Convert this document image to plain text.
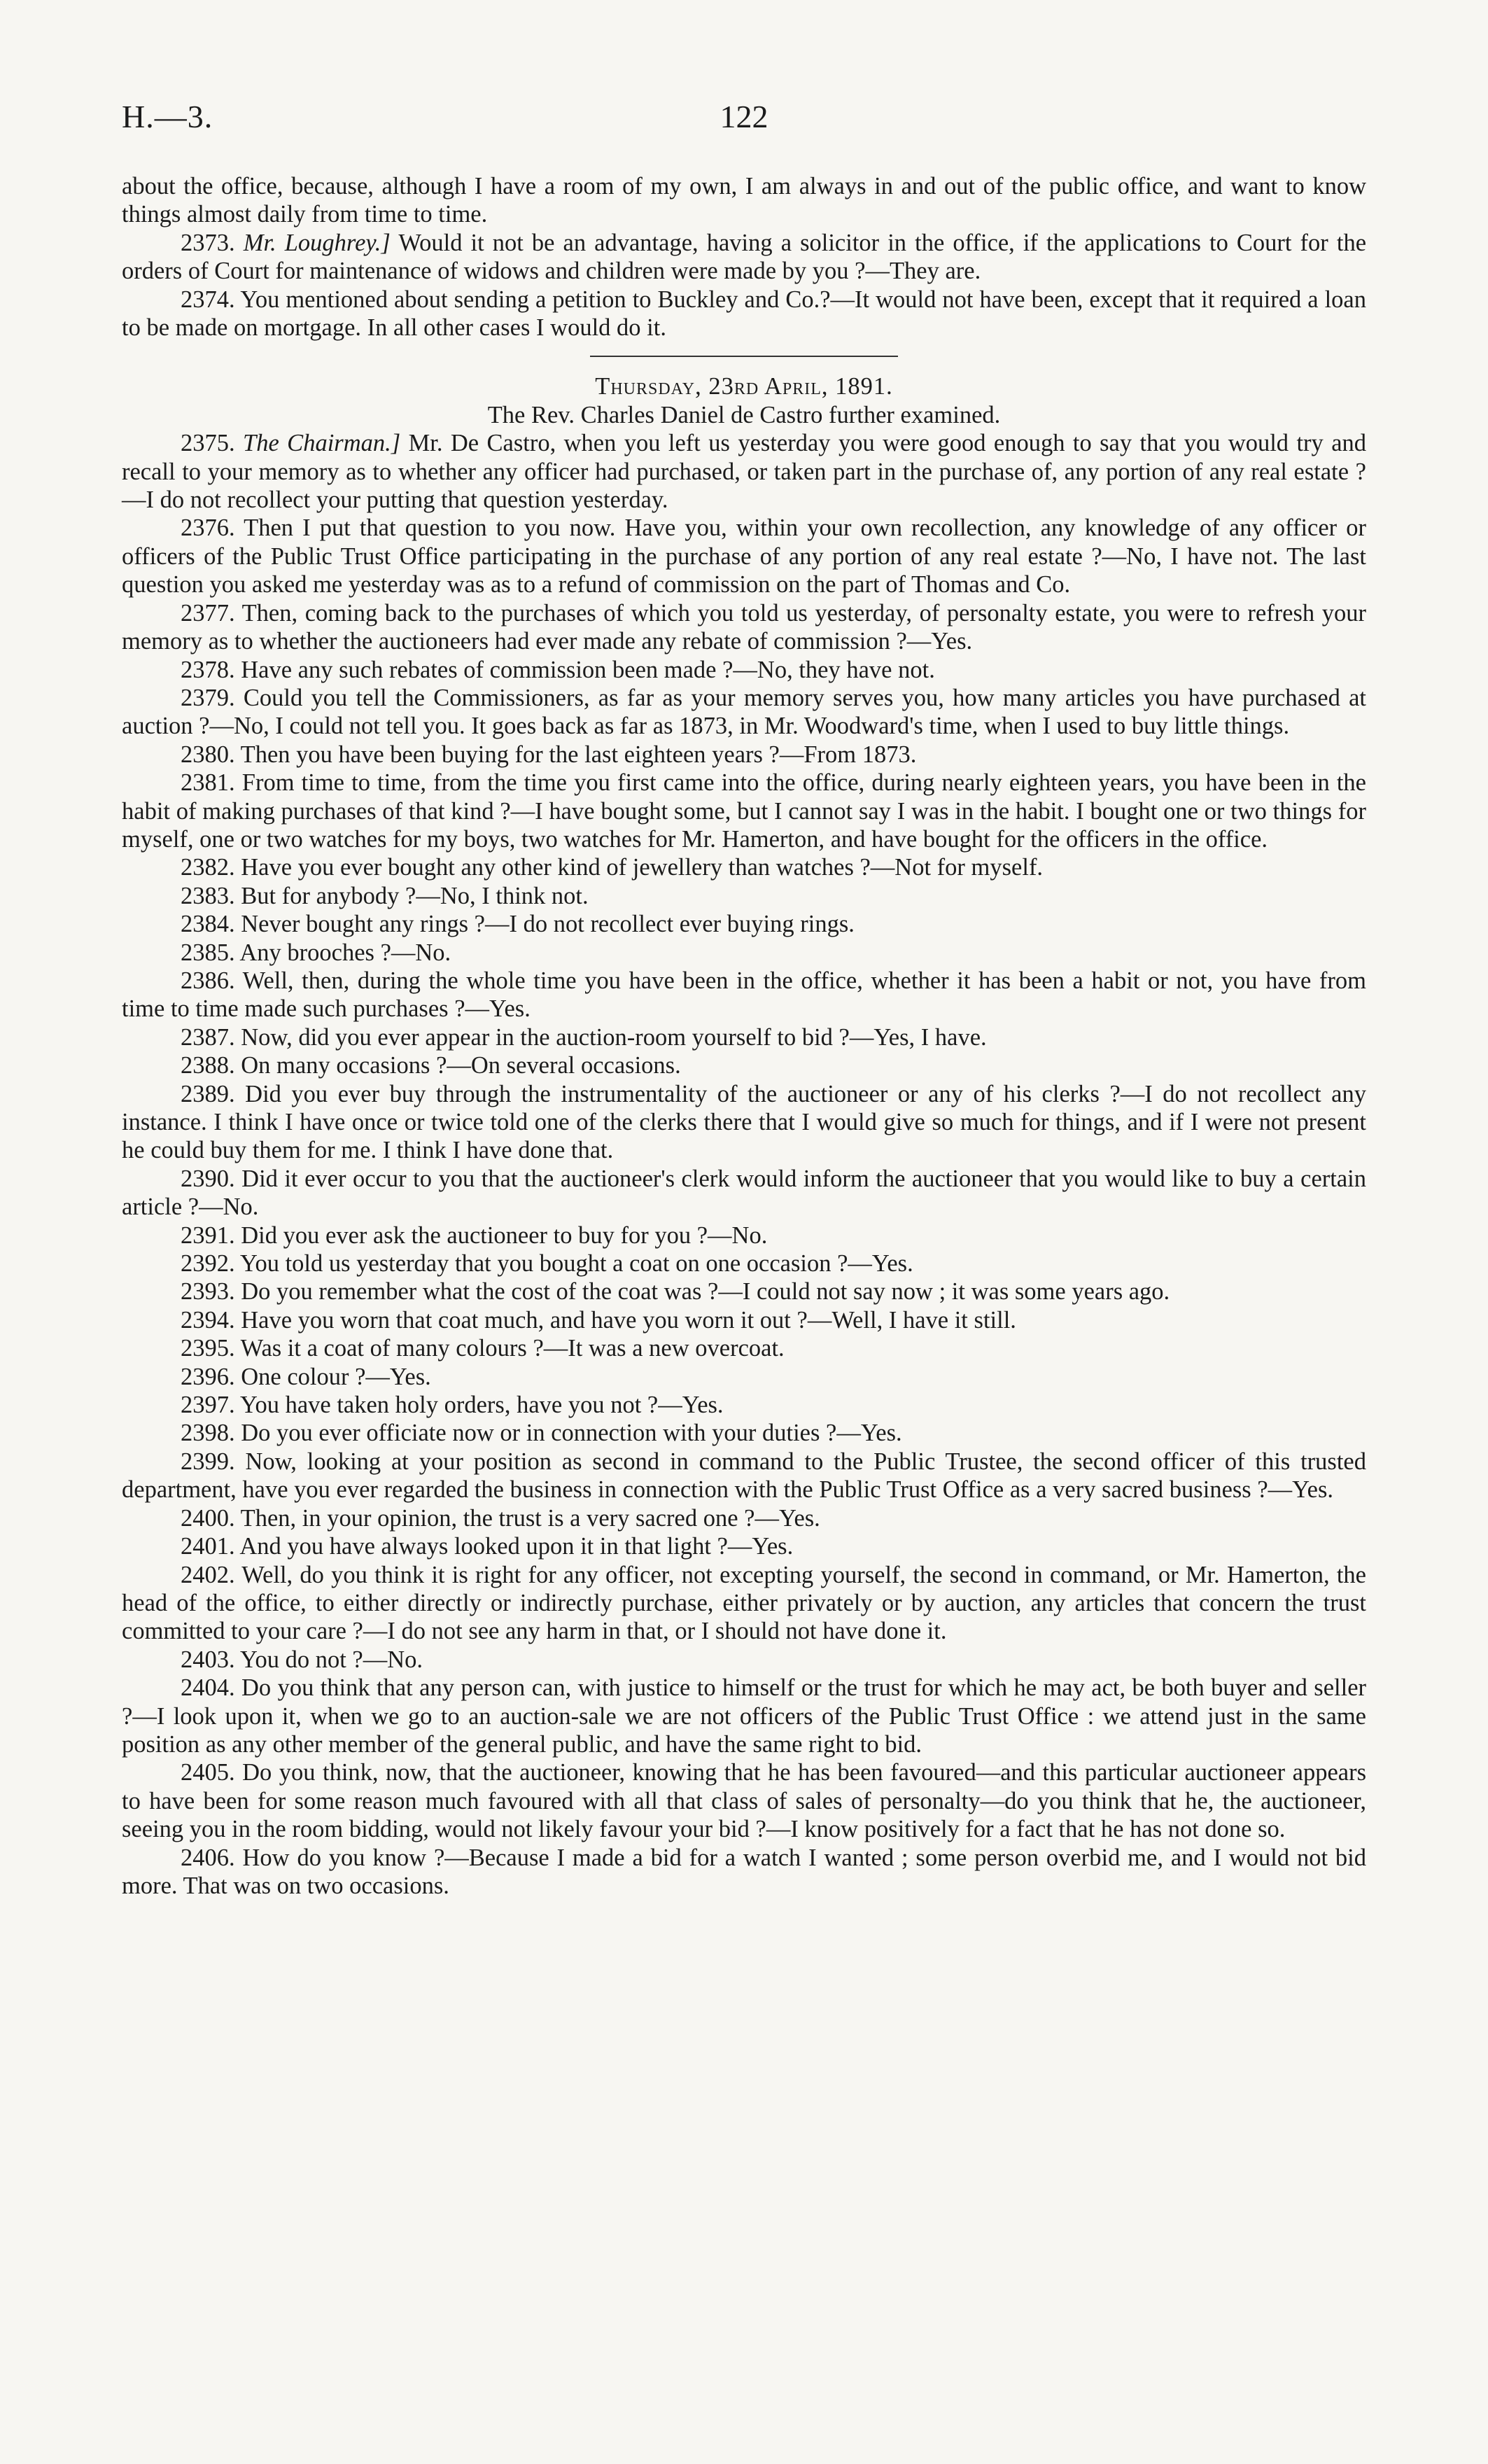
H.—3.	122

about the office, because, although I have a room of my own, I am always in and out of the public office, and want to know things almost daily from time to time.

2373. Mr. Loughrey.] Would it not be an advantage, having a solicitor in the office, if the applications to Court for the orders of Court for maintenance of widows and children were made by you ?—They are.

2374. You mentioned about sending a petition to Buckley and Co.?—It would not have been, except that it required a loan to be made on mortgage. In all other cases I would do it.

Thursday, 23rd April, 1891.

The Rev. Charles Daniel de Castro further examined.

2375. The Chairman.] Mr. De Castro, when you left us yesterday you were good enough to say that you would try and recall to your memory as to whether any officer had purchased, or taken part in the purchase of, any portion of any real estate ?—I do not recollect your putting that question yesterday.

2376. Then I put that question to you now. Have you, within your own recollection, any knowledge of any officer or officers of the Public Trust Office participating in the purchase of any portion of any real estate ?—No, I have not. The last question you asked me yesterday was as to a refund of commission on the part of Thomas and Co.

2377. Then, coming back to the purchases of which you told us yesterday, of personalty estate, you were to refresh your memory as to whether the auctioneers had ever made any rebate of commission ?—Yes.

2378. Have any such rebates of commission been made ?—No, they have not.

2379. Could you tell the Commissioners, as far as your memory serves you, how many articles you have purchased at auction ?—No, I could not tell you. It goes back as far as 1873, in Mr. Woodward's time, when I used to buy little things.

2380. Then you have been buying for the last eighteen years ?—From 1873.

2381. From time to time, from the time you first came into the office, during nearly eighteen years, you have been in the habit of making purchases of that kind ?—I have bought some, but I cannot say I was in the habit. I bought one or two things for myself, one or two watches for my boys, two watches for Mr. Hamerton, and have bought for the officers in the office.

2382. Have you ever bought any other kind of jewellery than watches ?—Not for myself.

2383. But for anybody ?—No, I think not.

2384. Never bought any rings ?—I do not recollect ever buying rings.

2385. Any brooches ?—No.

2386. Well, then, during the whole time you have been in the office, whether it has been a habit or not, you have from time to time made such purchases ?—Yes.

2387. Now, did you ever appear in the auction-room yourself to bid ?—Yes, I have.

2388. On many occasions ?—On several occasions.

2389. Did you ever buy through the instrumentality of the auctioneer or any of his clerks ?—I do not recollect any instance. I think I have once or twice told one of the clerks there that I would give so much for things, and if I were not present he could buy them for me. I think I have done that.

2390. Did it ever occur to you that the auctioneer's clerk would inform the auctioneer that you would like to buy a certain article ?—No.

2391. Did you ever ask the auctioneer to buy for you ?—No.

2392. You told us yesterday that you bought a coat on one occasion ?—Yes.

2393. Do you remember what the cost of the coat was ?—I could not say now ; it was some years ago.

2394. Have you worn that coat much, and have you worn it out ?—Well, I have it still.

2395. Was it a coat of many colours ?—It was a new overcoat.

2396. One colour ?—Yes.

2397. You have taken holy orders, have you not ?—Yes.

2398. Do you ever officiate now or in connection with your duties ?—Yes.

2399. Now, looking at your position as second in command to the Public Trustee, the second officer of this trusted department, have you ever regarded the business in connection with the Public Trust Office as a very sacred business ?—Yes.

2400. Then, in your opinion, the trust is a very sacred one ?—Yes.

2401. And you have always looked upon it in that light ?—Yes.

2402. Well, do you think it is right for any officer, not excepting yourself, the second in command, or Mr. Hamerton, the head of the office, to either directly or indirectly purchase, either privately or by auction, any articles that concern the trust committed to your care ?—I do not see any harm in that, or I should not have done it.

2403. You do not ?—No.

2404. Do you think that any person can, with justice to himself or the trust for which he may act, be both buyer and seller ?—I look upon it, when we go to an auction-sale we are not officers of the Public Trust Office : we attend just in the same position as any other member of the general public, and have the same right to bid.

2405. Do you think, now, that the auctioneer, knowing that he has been favoured—and this particular auctioneer appears to have been for some reason much favoured with all that class of sales of personalty—do you think that he, the auctioneer, seeing you in the room bidding, would not likely favour your bid ?—I know positively for a fact that he has not done so.

2406. How do you know ?—Because I made a bid for a watch I wanted ; some person overbid me, and I would not bid more. That was on two occasions.
